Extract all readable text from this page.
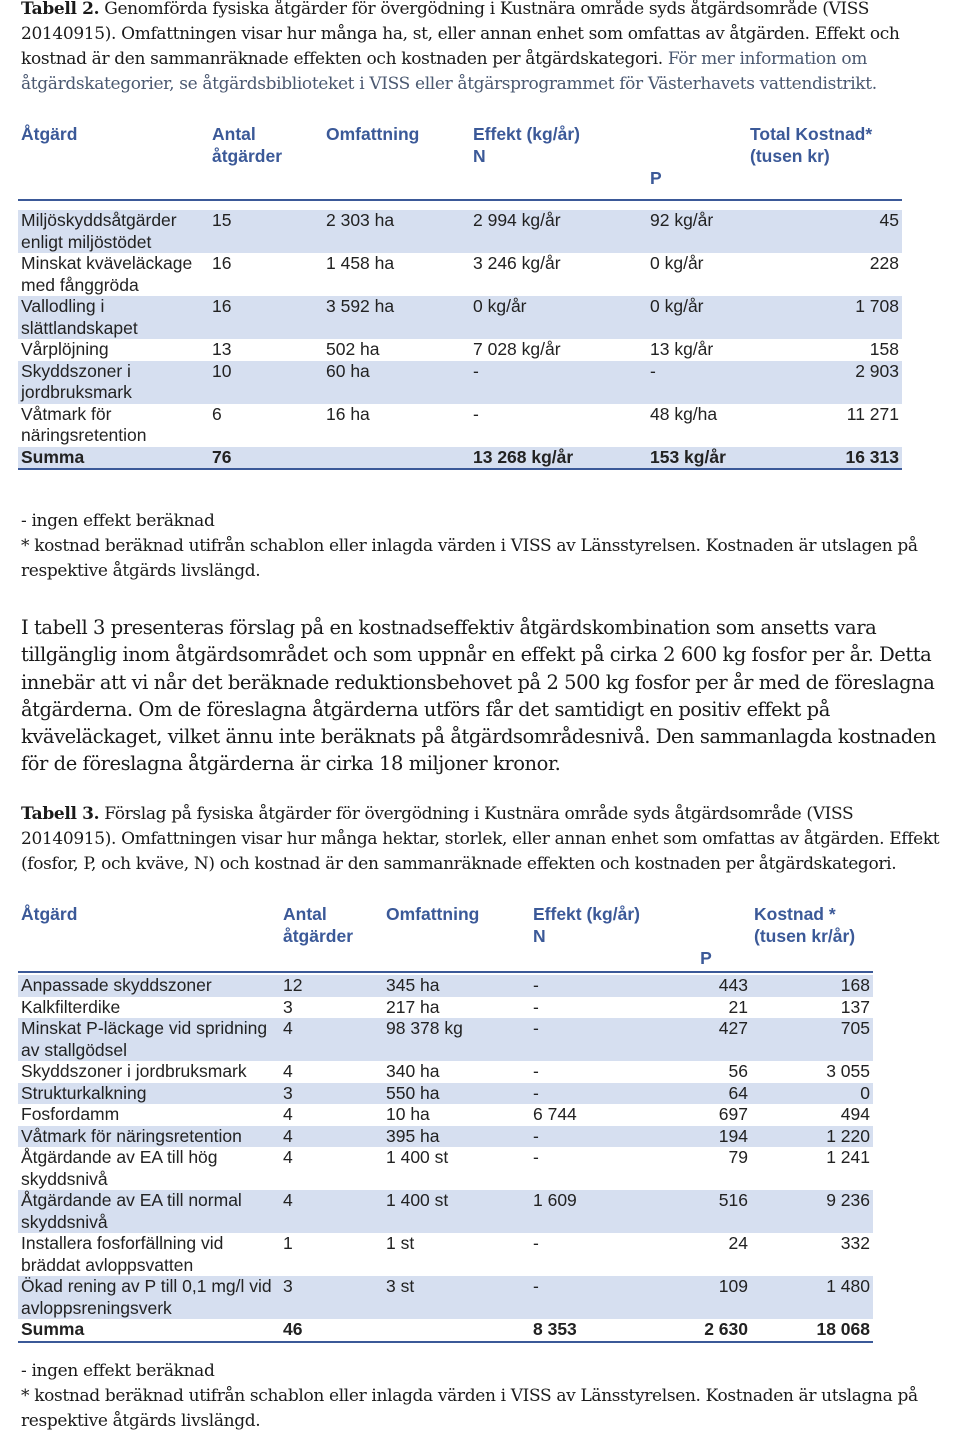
Tabell 2. Genomförda fysiska åtgärder för övergödning i Kustnära område syds åtgärdsområde (VISS 20140915). Omfattningen visar hur många ha, st, eller annan enhet som omfattas av åtgärden. Effekt och kostnad är den sammanräknade effekten och kostnaden per åtgärdskategori. För mer information om åtgärdskategorier, se åtgärdsbiblioteket i VISS eller åtgärsprogrammet för Västerhavets vattendistrikt.
Åtgärd	Antal åtgärder	Omfattning	Effekt (kg/år)
N	P	Total Kostnad* (tusen kr)

Miljöskyddsåtgärder enligt miljöstödet	15	2 303 ha	2 994 kg/år	92 kg/år	45
Minskat kväveläckage med fånggröda	16	1 458 ha	3 246 kg/år	0 kg/år	228
Vallodling i slättlandskapet	16	3 592 ha	0 kg/år	0 kg/år	1 708
Vårplöjning	13	502 ha	7 028 kg/år	13 kg/år	158
Skyddszoner i jordbruksmark	10	60 ha	-	-	2 903
Våtmark för näringsretention	6	16 ha	-	48 kg/ha	11 271
Summa	76		13 268 kg/år	153 kg/år	16 313
- ingen effekt beräknad
* kostnad beräknad utifrån schablon eller inlagda värden i VISS av Länsstyrelsen. Kostnaden är utslagen på respektive åtgärds livslängd.
I tabell 3 presenteras förslag på en kostnadseffektiv åtgärdskombination som ansetts vara tillgänglig inom åtgärdsområdet och som uppnår en effekt på cirka 2 600 kg fosfor per år. Detta innebär att vi når det beräknade reduktionsbehovet på 2 500 kg fosfor per år med de föreslagna åtgärderna. Om de föreslagna åtgärderna utförs får det samtidigt en positiv effekt på kväveläckaget, vilket ännu inte beräknats på åtgärdsområdesnivå. Den sammanlagda kostnaden för de föreslagna åtgärderna är cirka 18 miljoner kronor.
Tabell 3. Förslag på fysiska åtgärder för övergödning i Kustnära område syds åtgärdsområde (VISS 20140915). Omfattningen visar hur många hektar, storlek, eller annan enhet som omfattas av åtgärden. Effekt (fosfor, P, och kväve, N) och kostnad är den sammanräknade effekten och kostnaden per åtgärdskategori.
Åtgärd	Antal åtgärder	Omfattning	Effekt (kg/år)
N	P	Kostnad * (tusen kr/år)

Anpassade skyddszoner	12	345 ha	-	443	168
Kalkfilterdike	3	217 ha	-	21	137
Minskat P-läckage vid spridning av stallgödsel	4	98 378 kg	-	427	705
Skyddszoner i jordbruksmark	4	340 ha	-	56	3 055
Strukturkalkning	3	550 ha	-	64	0
Fosfordamm	4	10 ha	6 744	697	494
Våtmark för näringsretention	4	395 ha	-	194	1 220
Åtgärdande av EA till hög skyddsnivå	4	1 400 st	-	79	1 241
Åtgärdande av EA till normal skyddsnivå	4	1 400 st	1 609	516	9 236
Installera fosforfällning vid bräddat avloppsvatten	1	1 st	-	24	332
Ökad rening av P till 0,1 mg/l vid avloppsreningsverk	3	3 st	-	109	1 480
Summa	46		8 353	2 630	18 068
- ingen effekt beräknad
* kostnad beräknad utifrån schablon eller inlagda värden i VISS av Länsstyrelsen. Kostnaden är utslagna på respektive åtgärds livslängd.
